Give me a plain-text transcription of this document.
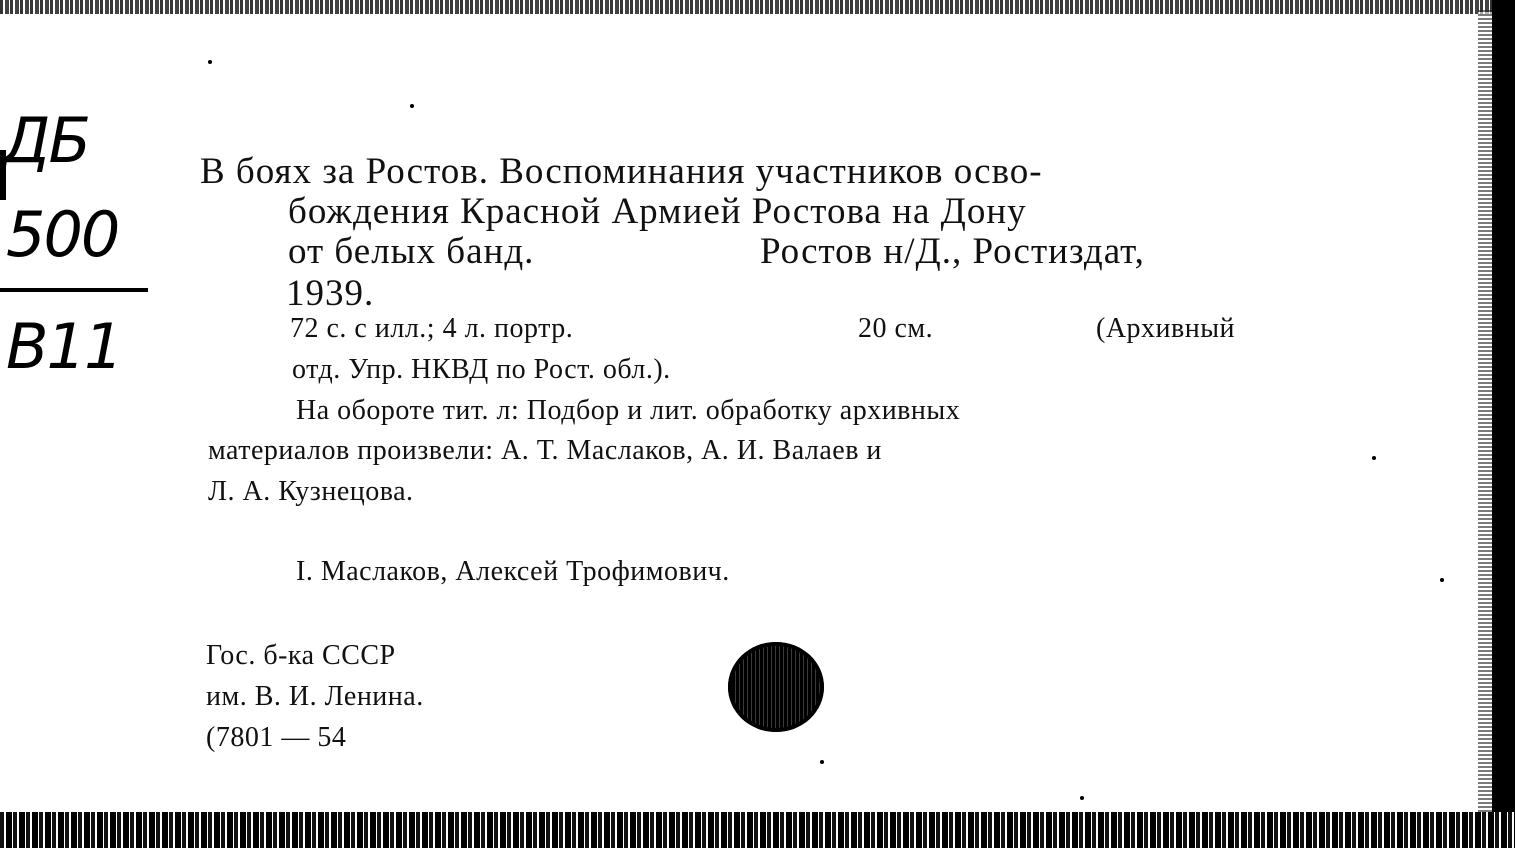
ДБ
500
В11
В боях за Ростов. Воспоминания участников осво-
бождения Красной Армией Ростова на Дону
от белых банд.	Ростов н/Д., Ростиздат,
1939.
72 с. с илл.; 4 л. портр.	20 см.	(Архивный
отд. Упр. НКВД по Рост. обл.).
На обороте тит. л: Подбор и лит. обработку архивных
материалов произвели: А. Т. Маслаков, А. И. Валаев и
Л. А. Кузнецова.
I. Маслаков, Алексей Трофимович.
Гос. б-ка СССР
им. В. И. Ленина.
(7801 — 54
